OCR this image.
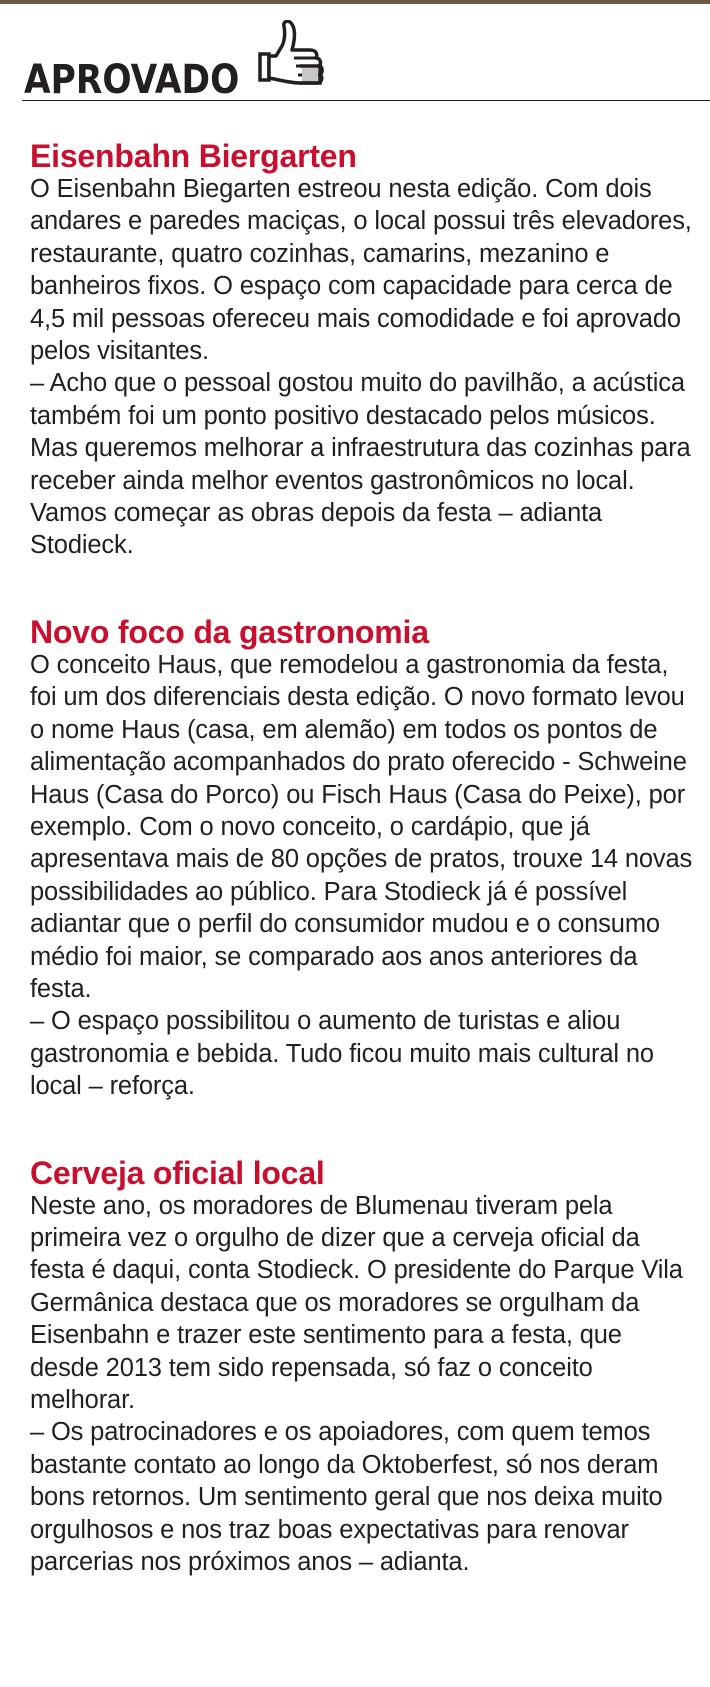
APROVADO
Eisenbahn Biergarten

O Eisenbahn Biegarten estreou nesta edição. Com dois andares e paredes maciças, o local possui três elevadores, restaurante, quatro cozinhas, camarins, mezanino e banheiros fixos. O espaço com capacidade para cerca de 4,5 mil pessoas ofereceu mais comodidade e foi aprovado pelos visitantes.

– Acho que o pessoal gostou muito do pavilhão, a acústica também foi um ponto positivo destacado pelos músicos. Mas queremos melhorar a infraestrutura das cozinhas para receber ainda melhor eventos gastronômicos no local. Vamos começar as obras depois da festa – adianta Stodieck.

Novo foco da gastronomia

O conceito Haus, que remodelou a gastronomia da festa, foi um dos diferenciais desta edição. O novo formato levou o nome Haus (casa, em alemão) em todos os pontos de alimentação acompanhados do prato oferecido - Schweine Haus (Casa do Porco) ou Fisch Haus (Casa do Peixe), por exemplo. Com o novo conceito, o cardápio, que já apresentava mais de 80 opções de pratos, trouxe 14 novas possibilidades ao público. Para Stodieck já é possível adiantar que o perfil do consumidor mudou e o consumo médio foi maior, se comparado aos anos anteriores da festa.

– O espaço possibilitou o aumento de turistas e aliou gastronomia e bebida. Tudo ficou muito mais cultural no local – reforça.

Cerveja oficial local

Neste ano, os moradores de Blumenau tiveram pela primeira vez o orgulho de dizer que a cerveja oficial da festa é daqui, conta Stodieck. O presidente do Parque Vila Germânica destaca que os moradores se orgulham da Eisenbahn e trazer este sentimento para a festa, que desde 2013 tem sido repensada, só faz o conceito melhorar.

– Os patrocinadores e os apoiadores, com quem temos bastante contato ao longo da Oktoberfest, só nos deram bons retornos. Um sentimento geral que nos deixa muito orgulhosos e nos traz boas expectativas para renovar parcerias nos próximos anos – adianta.
